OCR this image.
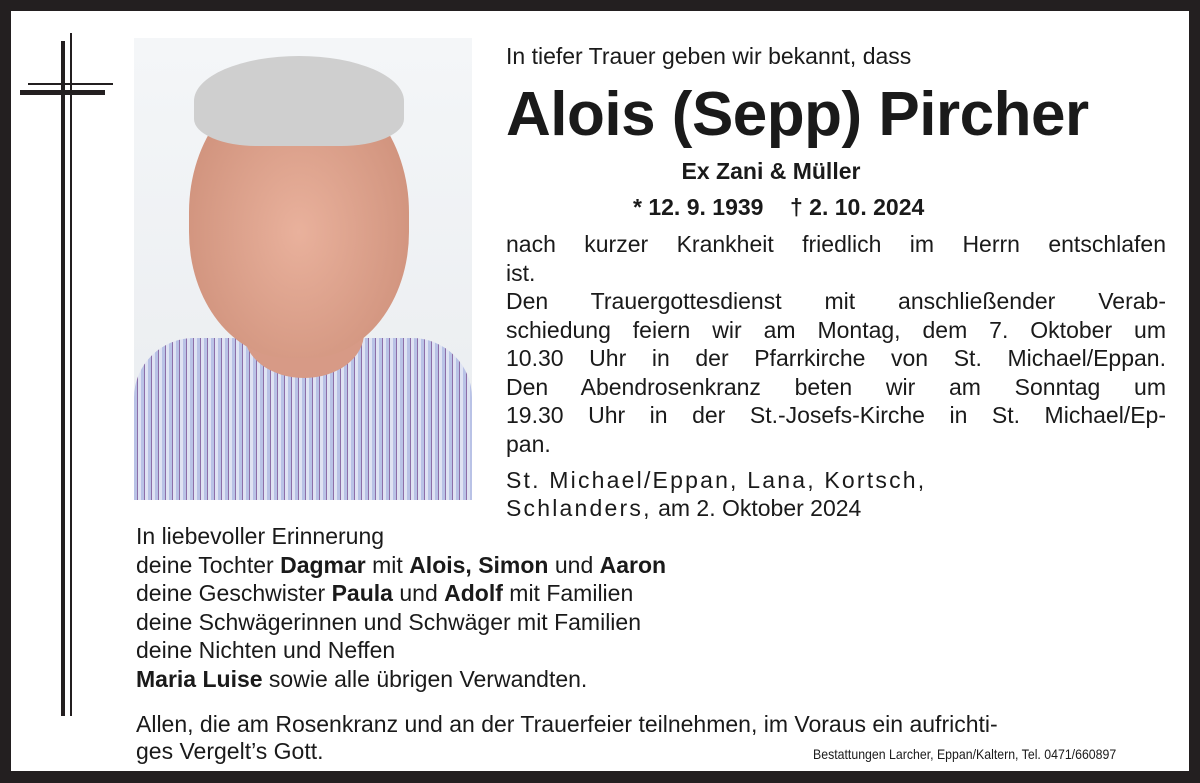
In tiefer Trauer geben wir bekannt, dass
Alois (Sepp) Pircher
Ex Zani & Müller
* 12. 9. 1939 † 2. 10. 2024
nach kurzer Krankheit friedlich im Herrn entschlafen
ist.
Den Trauergottesdienst mit anschließender Verab-
schiedung feiern wir am Montag, dem 7. Oktober um
10.30 Uhr in der Pfarrkirche von St. Michael/Eppan.
Den Abendrosenkranz beten wir am Sonntag um
19.30 Uhr in der St.-Josefs-Kirche in St. Michael/Ep-
pan.
St. Michael/Eppan, Lana, Kortsch,
Schlanders, am 2. Oktober 2024
In liebevoller Erinnerung
deine Tochter Dagmar mit Alois, Simon und Aaron
deine Geschwister Paula und Adolf mit Familien
deine Schwägerinnen und Schwäger mit Familien
deine Nichten und Neffen
Maria Luise sowie alle übrigen Verwandten.
Allen, die am Rosenkranz und an der Trauerfeier teilnehmen, im Voraus ein aufrichti-
ges Vergelt’s Gott.	Bestattungen Larcher, Eppan/Kaltern, Tel. 0471/660897
